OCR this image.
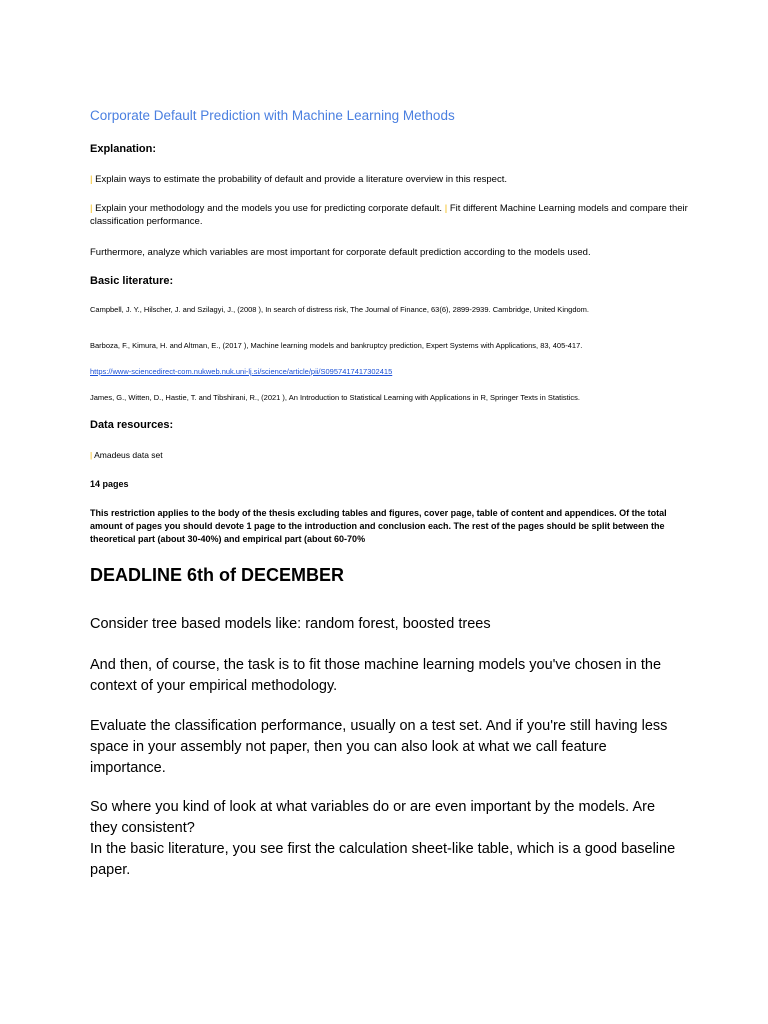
Corporate Default Prediction with Machine Learning Methods
Explanation:
| Explain ways to estimate the probability of default and provide a literature overview in this respect.
| Explain your methodology and the models you use for predicting corporate default. | Fit different Machine Learning models and compare their classification performance.
Furthermore, analyze which variables are most important for corporate default prediction according to the models used.
Basic literature:
Campbell, J. Y., Hilscher, J. and Szilagyi, J., (2008 ), In search of distress risk, The Journal of Finance, 63(6), 2899-2939. Cambridge, United Kingdom.
Barboza, F., Kimura, H. and Altman, E., (2017 ), Machine learning models and bankruptcy prediction, Expert Systems with Applications, 83, 405-417.
https://www-sciencedirect-com.nukweb.nuk.uni-lj.si/science/article/pii/S0957417417302415
James, G., Witten, D., Hastie, T. and Tibshirani, R., (2021 ), An Introduction to Statistical Learning with Applications in R, Springer Texts in Statistics.
Data resources:
| Amadeus data set
14 pages
This restriction applies to the body of the thesis excluding tables and figures, cover page, table of content and appendices. Of the total amount of pages you should devote 1 page to the introduction and conclusion each. The rest of the pages should be split between the theoretical part (about 30-40%) and empirical part (about 60-70%
DEADLINE 6th of DECEMBER
Consider tree based models like: random forest, boosted trees
And then, of course, the task is to fit those machine learning models you've chosen in the context of your empirical methodology.
Evaluate the classification performance, usually on a test set. And if you're still having less space in your assembly not paper, then you can also look at what we call feature importance.
So where you kind of look at what variables do or are even important by the models. Are they consistent?
In the basic literature, you see first the calculation sheet-like table, which is a good baseline paper.
